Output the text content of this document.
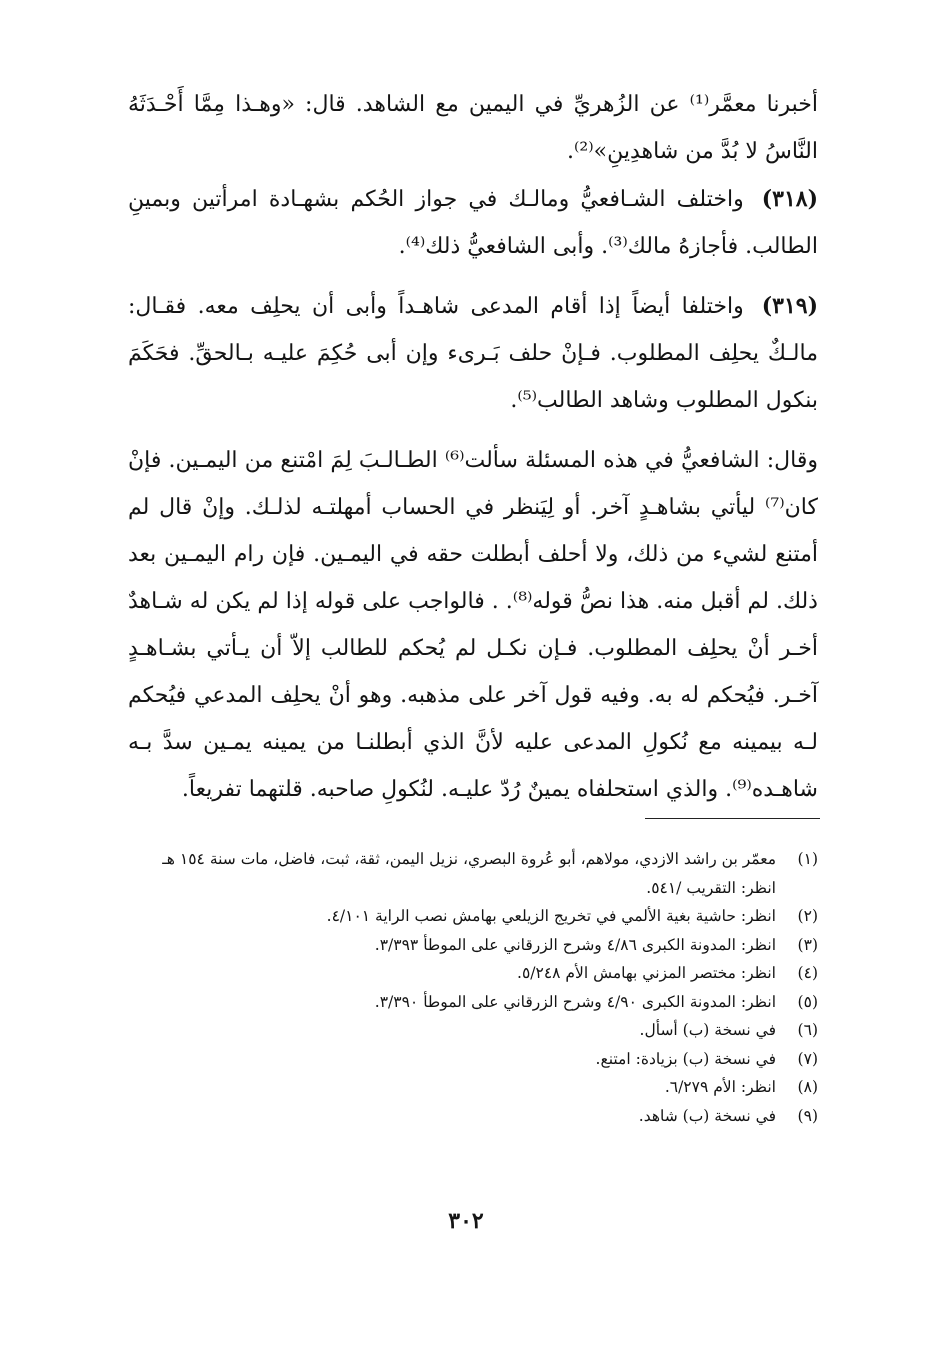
أخبرنا معمَّر⁽¹⁾ عن الزُهريِّ في اليمين مع الشاهد. قال: «وهـذا مِمَّا أَحْـدَثَهُ النَّاسُ لا بُدَّ من شاهدِينِ»⁽²⁾.

(٣١٨)واختلف الشـافعيُّ ومالـك في جواز الحُكم بشهـادة امرأتين وبمينِ الطالب. فأجازهُ مالك⁽³⁾. وأبى الشافعيُّ ذلك⁽⁴⁾.

(٣١٩)واختلفا أيضاً إذا أقام المدعى شاهـداً وأبى أن يحلِف معه. فقـال: مالـكٌ يحلِف المطلوب. فـإنْ حلف بَـرىء وإن أبى حُكِمَ عليـه بـالحقِّ. فحَكَمَ بنكول المطلوب وشاهد الطالب⁽⁵⁾.

وقال: الشافعيُّ في هذه المسئلة سألت⁽⁶⁾ الطـالـبَ لِمَ امْتنع من اليمـين. فإنْ كان⁽⁷⁾ ليأتي بشاهـدٍ آخر. أو لِيَنظر في الحساب أمهلتـه لذلـك. وإنْ قال لم أمتنع لشيء من ذلك، ولا أحلف أبطلت حقه في اليمـين. فإن رام اليمـين بعد ذلك. لم أقبل منه. هذا نصُّ قوله⁽⁸⁾. . فالواجب على قوله إذا لم يكن له شـاهدٌ أخـر أنْ يحلِف المطلوب. فـإن نكـل لم يُحكم للطالب إلاّ أن يـأتي بشـاهـدٍ آخـر. فيُحكم له به. وفيه قول آخر على مذهبه. وهو أنْ يحلِف المدعي فيُحكم لـه بيمينه مع نُكولِ المدعى عليه لأنَّ الذي أبطلنـا من يمينه يمـين سدَّ بـه شاهـده⁽⁹⁾. والذي استحلفاه يمينٌ رُدّ عليـه. لنُكولِ صاحبه. قلتهما تفريعاً.

(١)
معمّر بن راشد الازدي، مولاهم، أبو عُروة البصري، نزيل اليمن، ثقة، ثبت، فاضل، مات سنة ١٥٤ هـ انظر: التقريب /٥٤١.
(٢)
انظر: حاشية بغية الألمي في تخريج الزيلعي بهامش نصب الراية ٤/١٠١.
(٣)
انظر: المدونة الكبرى ٤/٨٦ وشرح الزرقاني على الموطأ ٣/٣٩٣.
(٤)
انظر: مختصر المزني بهامش الأم ٥/٢٤٨.
(٥)
انظر: المدونة الكبرى ٤/٩٠ وشرح الزرقاني على الموطأ ٣/٣٩٠.
(٦)
في نسخة (ب) أسأل.
(٧)
في نسخة (ب) بزيادة: امتنع.
(٨)
انظر: الأم ٦/٢٧٩.
(٩)
في نسخة (ب) شاهد.
٣٠٢
